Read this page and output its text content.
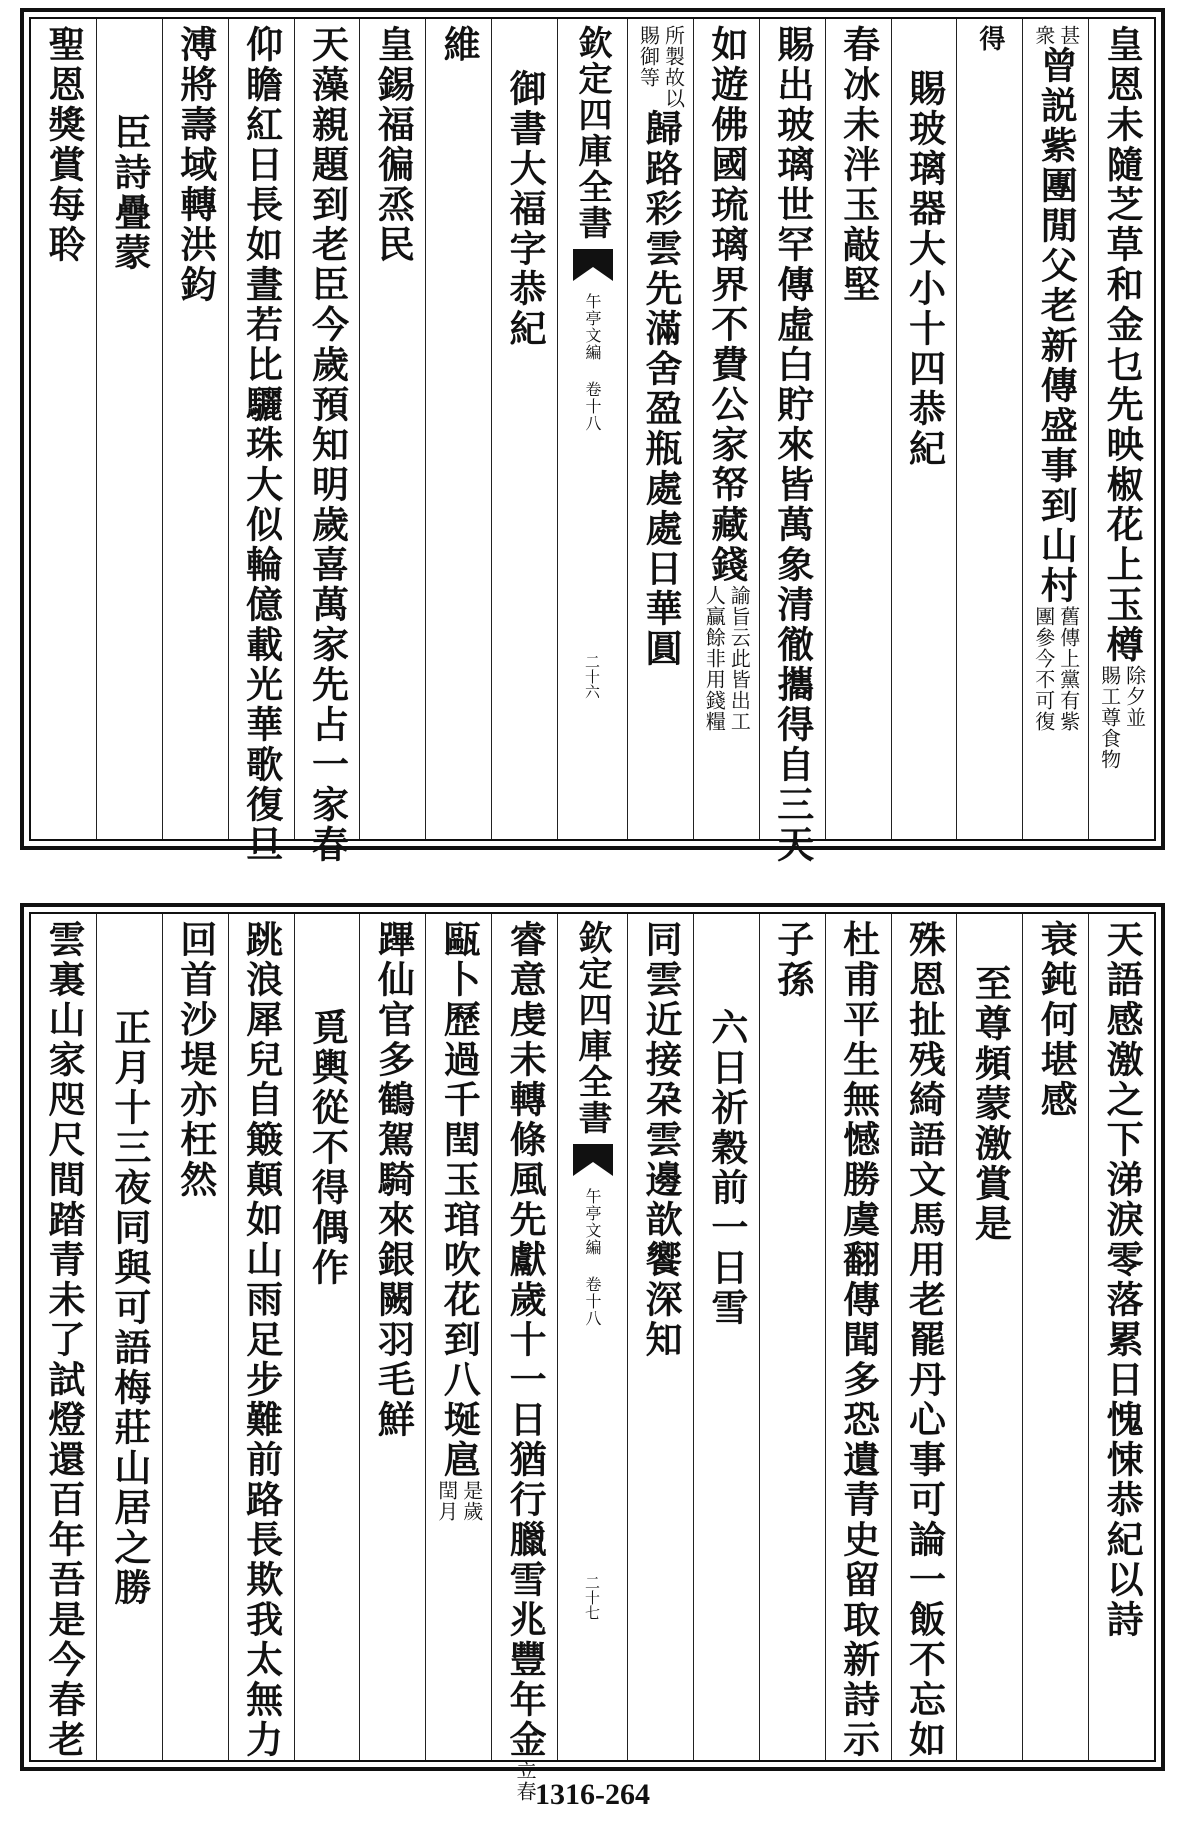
皇恩未隨芝草和金乜先映椒花上玉樽
除夕並
賜工尊食物
甚
衆
曾説紫團閒父老新傳盛事到山村
舊傳上黨有紫
團參今不可復
得
賜玻璃器大小十四恭紀
春冰未泮玉敲堅
賜出玻璃世罕傳虛白貯來皆萬象清徹攜得自三天
如遊佛國琉璃界不費公家帑藏錢
諭旨云此皆出工
人贏餘非用錢糧
所製故以
賜御等
歸路彩雲先滿舍盈瓶處處日華圓
欽定四庫全書
午亭文編 卷十八
二十六
御書大福字恭紀
維
皇錫福徧烝民
天藻親題到老臣今歲預知明歲喜萬家先占一家春
仰瞻紅日長如晝若比驪珠大似輪億載光華歌復旦
溥將壽域轉洪鈞
臣詩疊蒙
聖恩獎賞每聆
天語感激之下涕淚零落累日愧悚恭紀以詩
衰鈍何堪感
至尊頻蒙激賞是
殊恩扯残綺語文馬用老罷丹心事可論一飯不忘如
杜甫平生無憾勝虞翻傳聞多恐遺青史留取新詩示
子孫
六日祈穀前一日雪
同雲近接朶雲邊歆饗深知
欽定四庫全書
午亭文編 卷十八
二十七
睿意虔未轉條風先獻歲十一日猶行臘雪兆豐年金
立春
甌卜歷過千閏玉琯吹花到八埏扈
是歲
閏月
蹕仙官多鶴駕騎來銀闕羽毛鮮
覓輿從不得偶作
跳浪犀兒自簸顛如山雨足步難前路長欺我太無力
回首沙堤亦枉然
正月十三夜同與可語梅莊山居之勝
雲裏山家咫尺間踏青未了試燈還百年吾是今春老
1316-264
